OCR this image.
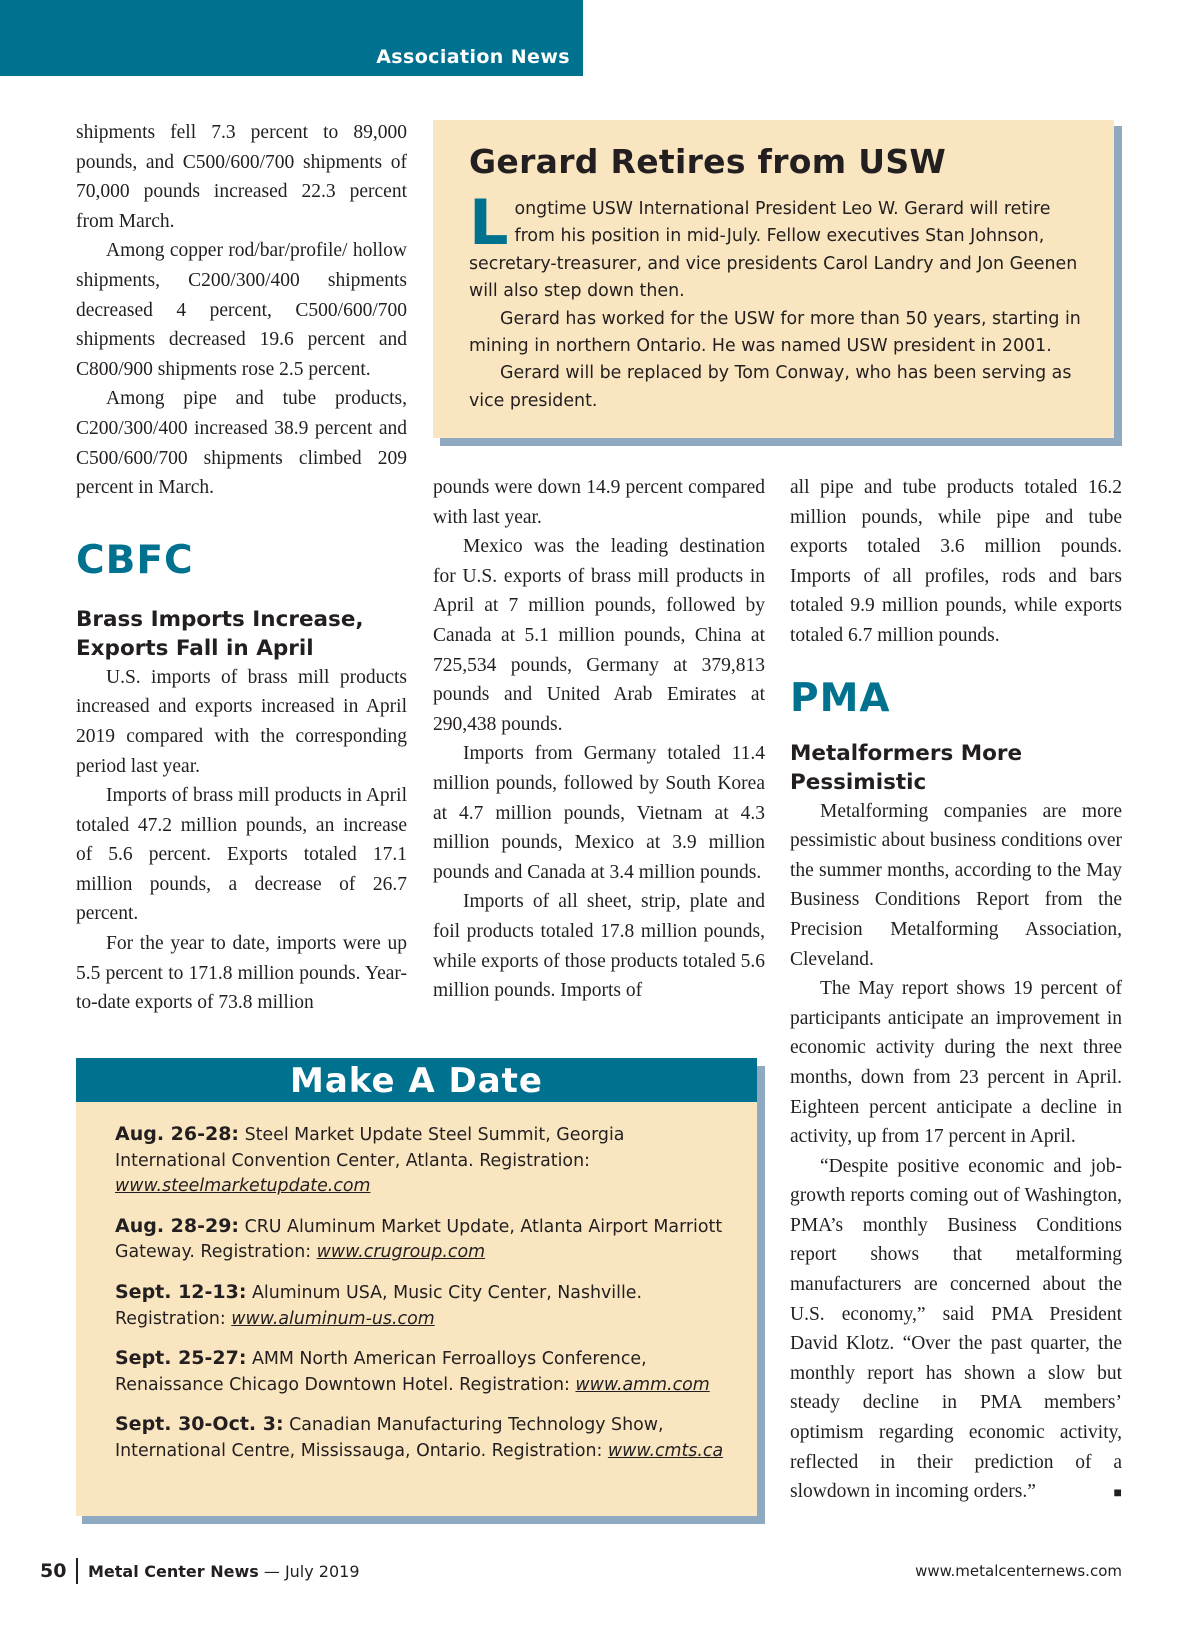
Association News

shipments fell 7.3 percent to 89,000 pounds, and C500/600/700 shipments of 70,000 pounds increased 22.3 percent from March.

Among copper rod/bar/profile/ hollow shipments, C200/300/400 shipments decreased 4 percent, C500/600/700 shipments decreased 19.6 percent and C800/900 shipments rose 2.5 percent.

Among pipe and tube products, C200/300/400 increased 38.9 percent and C500/600/700 shipments climbed 209 percent in March.

CBFC
Brass Imports Increase, Exports Fall in April

U.S. imports of brass mill products increased and exports increased in April 2019 compared with the corresponding period last year.

Imports of brass mill products in April totaled 47.2 million pounds, an increase of 5.6 percent. Exports totaled 17.1 million pounds, a decrease of 26.7 percent.

For the year to date, imports were up 5.5 percent to 171.8 million pounds. Year-to-date exports of 73.8 million

Gerard Retires from USW

Longtime USW International President Leo W. Gerard will retire from his position in mid-July. Fellow executives Stan Johnson, secretary-treasurer, and vice presidents Carol Landry and Jon Geenen will also step down then.

Gerard has worked for the USW for more than 50 years, starting in mining in northern Ontario. He was named USW president in 2001.

Gerard will be replaced by Tom Conway, who has been serving as vice president.

pounds were down 14.9 percent compared with last year.

Mexico was the leading destination for U.S. exports of brass mill products in April at 7 million pounds, followed by Canada at 5.1 million pounds, China at 725,534 pounds, Germany at 379,813 pounds and United Arab Emirates at 290,438 pounds.

Imports from Germany totaled 11.4 million pounds, followed by South Korea at 4.7 million pounds, Vietnam at 4.3 million pounds, Mexico at 3.9 million pounds and Canada at 3.4 million pounds.

Imports of all sheet, strip, plate and foil products totaled 17.8 million pounds, while exports of those products totaled 5.6 million pounds. Imports of

all pipe and tube products totaled 16.2 million pounds, while pipe and tube exports totaled 3.6 million pounds. Imports of all profiles, rods and bars totaled 9.9 million pounds, while exports totaled 6.7 million pounds.

PMA
Metalformers More Pessimistic

Metalforming companies are more pessimistic about business conditions over the summer months, according to the May Business Conditions Report from the Precision Metalforming Association, Cleveland.

The May report shows 19 percent of participants anticipate an improvement in economic activity during the next three months, down from 23 percent in April. Eighteen percent anticipate a decline in activity, up from 17 percent in April.

“Despite positive economic and job-growth reports coming out of Washington, PMA’s monthly Business Conditions report shows that metalforming manufacturers are concerned about the U.S. economy,” said PMA President David Klotz. “Over the past quarter, the monthly report has shown a slow but steady decline in PMA members’ optimism regarding economic activity, reflected in their prediction of a slowdown in incoming orders.”	■

Make A Date
Aug. 26-28: Steel Market Update Steel Summit, Georgia International Convention Center, Atlanta. Registration: www.steelmarketupdate.com
Aug. 28-29: CRU Aluminum Market Update, Atlanta Airport Marriott Gateway. Registration: www.crugroup.com
Sept. 12-13: Aluminum USA, Music City Center, Nashville. Registration: www.aluminum-us.com
Sept. 25-27: AMM North American Ferroalloys Conference, Renaissance Chicago Downtown Hotel. Registration: www.amm.com
Sept. 30-Oct. 3: Canadian Manufacturing Technology Show, International Centre, Mississauga, Ontario. Registration: www.cmts.ca
50 Metal Center News — July 2019	www.metalcenternews.com
